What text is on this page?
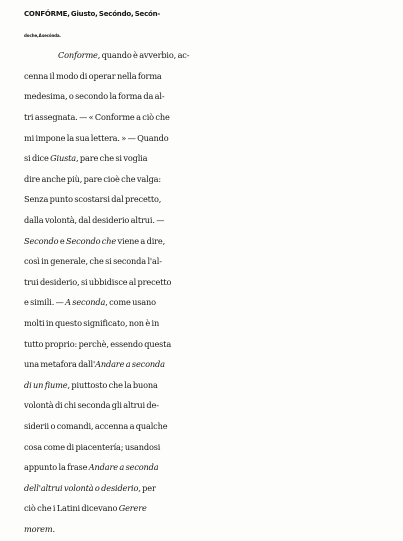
CONFÓRME, Giusto, Secóndo, Secón-
do che, A secónda.
Conforme, quando è avverbio, ac-
cenna il modo di operar nella forma
medesima, o secondo la forma da al-
tri assegnata. — « Conforme a ciò che
mi impone la sua lettera. » — Quando
si dice Giusta, pare che si voglia
dire anche più, pare cioè che valga:
Senza punto scostarsi dal precetto,
dalla volontà, dal desiderio altrui. —
Secondo e Secondo che viene a dire,
così in generale, che si seconda l'al-
trui desiderio, si ubbidisce al precetto
e simili. — A seconda, come usano
molti in questo significato, non è in
tutto proprio: perchè, essendo questa
una metafora dall'Andare a seconda
di un fiume, piuttosto che la buona
volontà di chi seconda gli altrui de-
siderii o comandi, accenna a qualche
cosa come di piacentería; usandosi
appunto la frase Andare a seconda
dell'altrui volontà o desiderio, per
ciò che i Latini dicevano Gerere
morem.
